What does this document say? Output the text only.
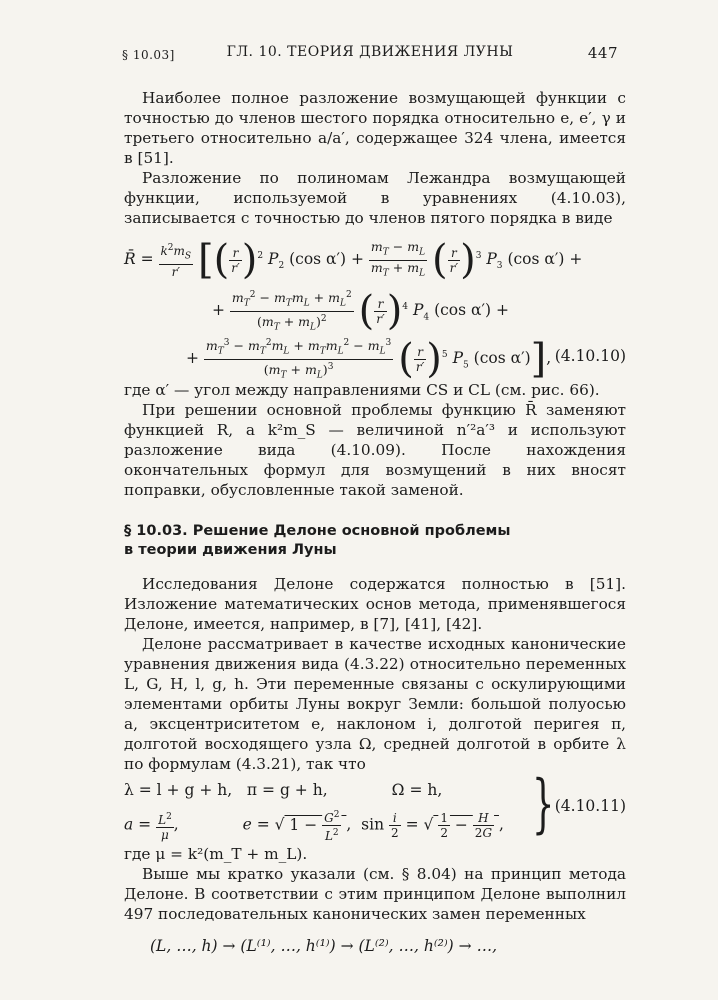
§ 10.03]	ГЛ. 10. ТЕОРИЯ ДВИЖЕНИЯ ЛУНЫ	447

Наиболее полное разложение возмущающей функции с точностью до членов шестого порядка относительно e, e′, γ и третьего относительно a/a′, содержащее 324 члена, имеется в [51].

Разложение по полиномам Лежандра возмущающей функции, используемой в уравнениях (4.10.03), записывается с точностью до членов пятого порядка в виде

R̄ = $\frac{k^2m_S}{r'}$ [( $\frac{r}{r'} )^2$ $P_2$ (cos $\alpha') + \frac{m_T - m_L}{m_T + m_L}$ ( $\frac{r}{r'} )^3$ $P_3$ (cos α′) +
+ $\frac{m_T^2 - m_Tm_L + m_L^2}{(m_T + m_L)^2}$ ( $\frac{r}{r'} )^4$ $P_4$ (cos α′) +
+ $\frac{m_T^3 - m_T^2m_L + m_Tm_L^2 - m_L^3}{(m_T + m_L)^3}$ ( $\frac{r}{r'} )^5$ $P_5$ (cos α′)], (4.10.10)

где α′ — угол между направлениями CS и CL (см. рис. 66).

При решении основной проблемы функцию R̄ заменяют функцией R, а k²m_S — величиной n′²a′³ и используют разложение вида (4.10.09). После нахождения окончательных формул для возмущений в них вносят поправки, обусловленные такой заменой.

§ 10.03. Решение Делоне основной проблемы
в теории движения Луны

Исследования Делоне содержатся полностью в [51]. Изложение математических основ метода, применявшегося Делоне, имеется, например, в [7], [41], [42].

Делоне рассматривает в качестве исходных канонические уравнения движения вида (4.3.22) относительно переменных L, G, H, l, g, h. Эти переменные связаны с оскулирующими элементами орбиты Луны вокруг Земли: большой полуосью a, эксцентриситетом e, наклоном i, долготой перигея π, долготой восходящего узла Ω, средней долготой в орбите λ по формулам (4.3.21), так что

λ = l + g + h,   π = g + h,             Ω = h,
$a = \frac{L^2}{\mu}$ ,	e = √ $1 - \frac{G^2}{L^2}$ ,  $\sin \frac{i}{2}$ = √ $\frac{1}{2} - \frac{H}{2G}$ , } (4.10.11)

где μ = k²(m_T + m_L).

Выше мы кратко указали (см. § 8.04) на принцип метода Делоне. В соответствии с этим принципом Делоне выполнил 497 последовательных канонических замен переменных

(L, …, h) → (L⁽¹⁾, …, h⁽¹⁾) → (L⁽²⁾, …, h⁽²⁾) → …,
